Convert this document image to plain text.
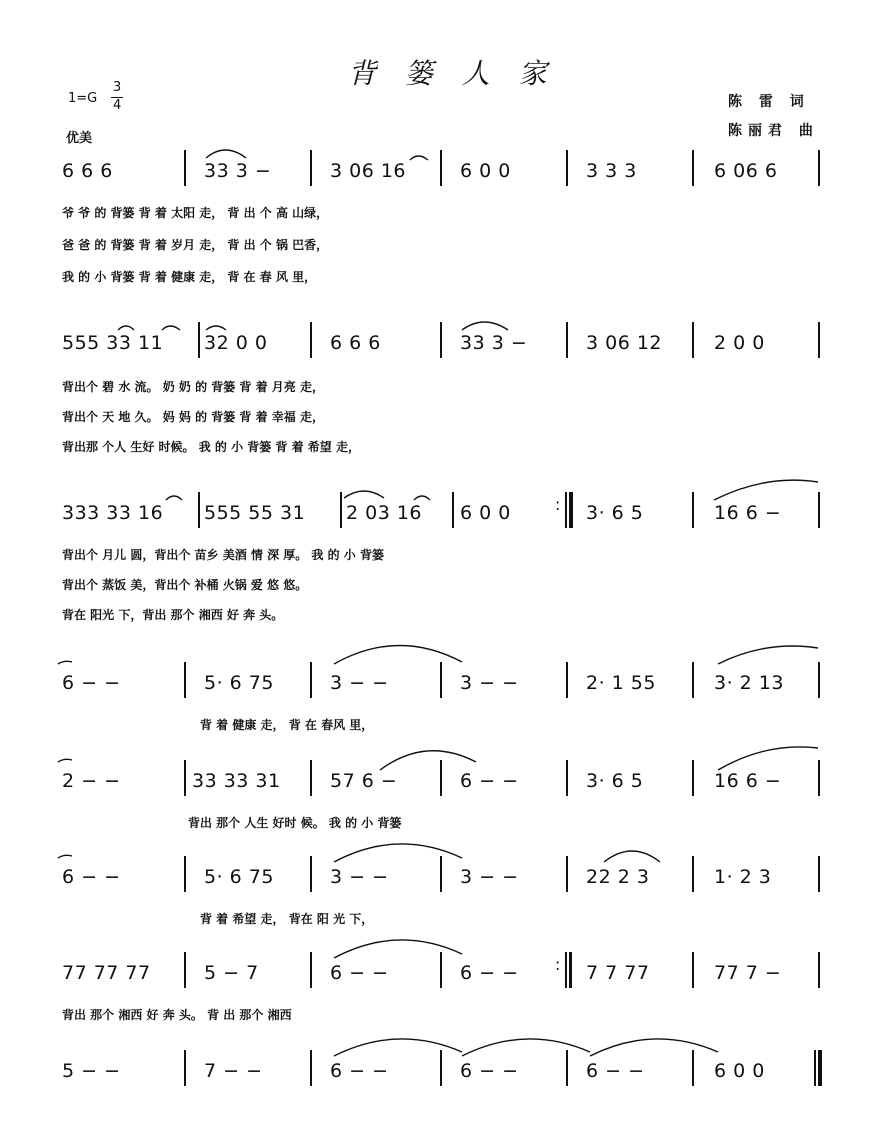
背 篓 人 家
1=G
3
4
优美
陈 雷 词
陈丽君 曲
6 6 6	33 3 −	3 06 16	6 0 0	3 3 3	6 06 6
爷 爷 的 背篓 背 着 太阳 走， 背 出 个 高 山绿，
爸 爸 的 背篓 背 着 岁月 走， 背 出 个 锅 巴香，
我 的 小 背篓 背 着 健康 走， 背 在 春 风 里，
555 33 11 32 0 0	6 6 6	33 3 −	3 06 12	2 0 0
背出个 碧 水 流。 奶 奶 的 背篓 背 着 月亮 走，
背出个 天 地 久。 妈 妈 的 背篓 背 着 幸福 走，
背出那 个人 生好 时候。 我 的 小 背篓 背 着 希望 走，
333 33 16 555 55 31 2 03 16 6 0 0	3· 6 5	16 6 −
:
背出个 月儿 圆，背出个 苗乡 美酒 情 深 厚。 我 的 小 背篓
背出个 蒸饭 美，背出个 补桶 火锅 爱 悠 悠。
背在 阳光 下，背出 那个 湘西 好 奔 头。
6 − −	5· 6 75	3 − −	3 − −	2· 1 55	3· 2 13
背 着 健康 走， 背 在 春风 里，
2 − −	33 33 31	57 6 −	6 − −	3· 6 5	16 6 −
背出 那个 人生 好时 候。 我 的 小 背篓
6 − −	5· 6 75	3 − −	3 − −	22 2 3	1· 2 3
背 着 希望 走， 背在 阳 光 下，
77 77 77	5 − 7	6 − −	6 − −	7 7 77	77 7 −
:
背出 那个 湘西 好 奔 头。 背 出 那个 湘西
5 − −	7 − −	6 − −	6 − −	6 − −	6 0 0
